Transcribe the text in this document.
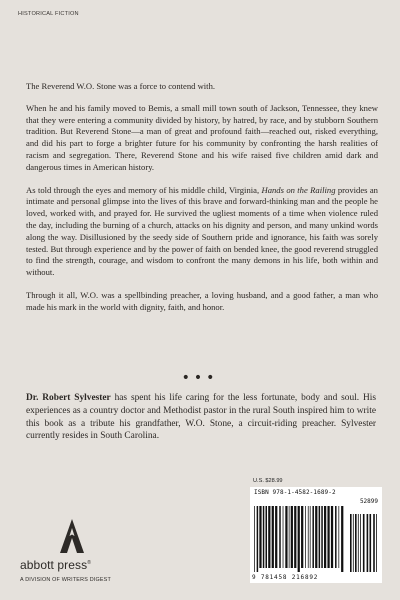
HISTORICAL FICTION

The Reverend W.O. Stone was a force to contend with.

When he and his family moved to Bemis, a small mill town south of Jackson, Tennessee, they knew that they were entering a community divided by history, by hatred, by race, and by stubborn Southern tradition. But Reverend Stone—a man of great and profound faith—reached out, risked everything, and did his part to forge a brighter future for his community by confronting the harsh realities of racism and segregation. There, Reverend Stone and his wife raised five children amid dark and dangerous times in American history.

As told through the eyes and memory of his middle child, Virginia, Hands on the Railing provides an intimate and personal glimpse into the lives of this brave and forward-thinking man and the people he loved, worked with, and prayed for. He survived the ugliest moments of a time when violence ruled the day, including the burning of a church, attacks on his dignity and person, and many unkind words along the way. Disillusioned by the seedy side of Southern pride and ignorance, his faith was sorely tested. But through experience and by the power of faith on bended knee, the good reverend struggled to find the strength, courage, and wisdom to confront the many demons in his life, both within and without.

Through it all, W.O. was a spellbinding preacher, a loving husband, and a good father, a man who made his mark in the world with dignity, faith, and honor.

•••
Dr. Robert Sylvester has spent his life caring for the less fortunate, body and soul. His experiences as a country doctor and Methodist pastor in the rural South inspired him to write this book as a tribute his grandfather, W.O. Stone, a circuit-riding preacher. Sylvester currently resides in South Carolina.
U.S. $28.99
ISBN 978-1-4582-1689-2
52899
9 781458 216892
abbott press®
A DIVISION OF WRITERS DIGEST
